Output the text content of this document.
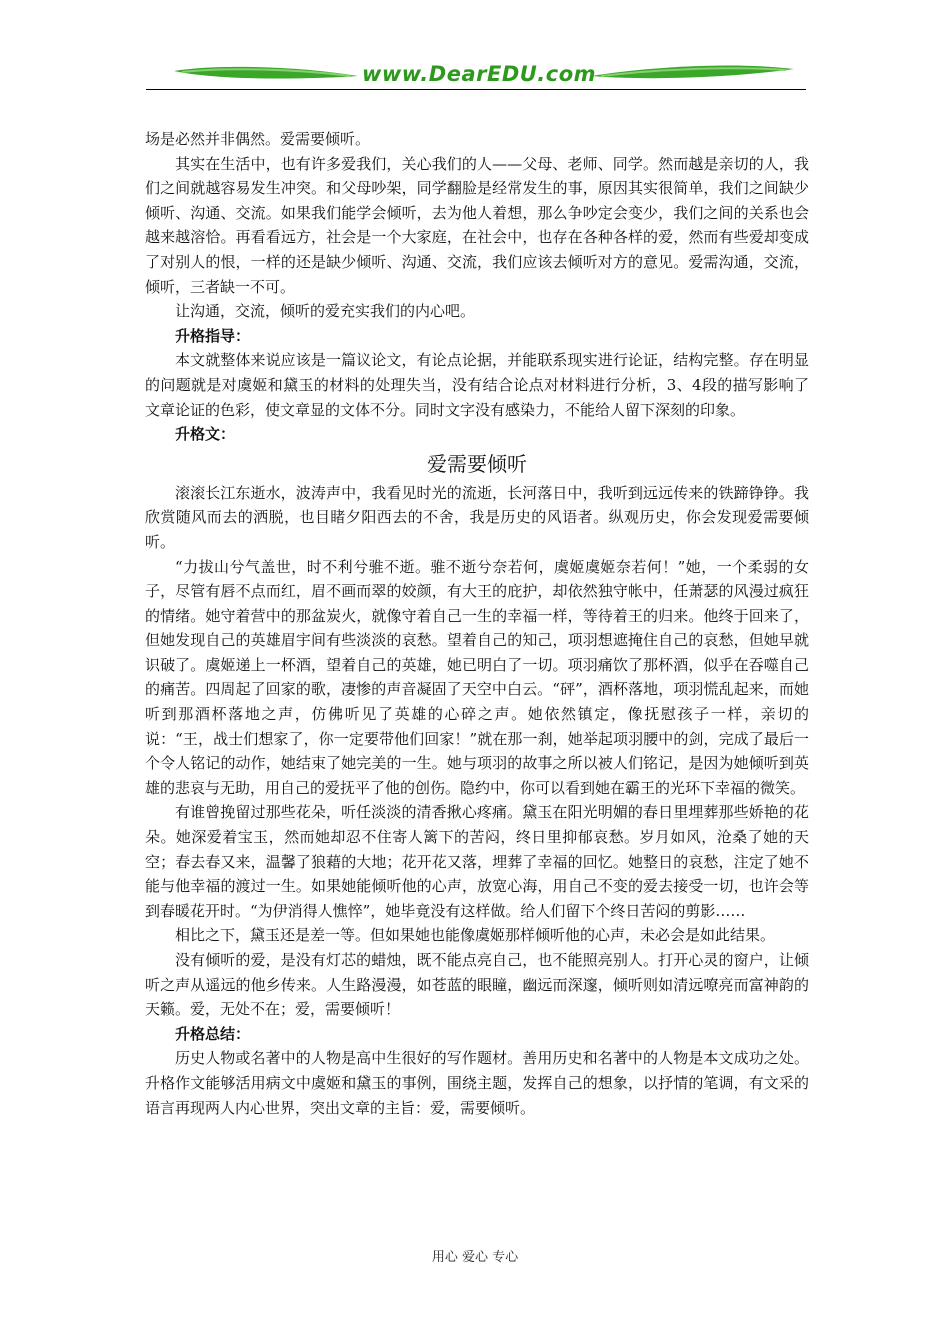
www.DearEDU.com

场是必然并非偶然。爱需要倾听。

其实在生活中，也有许多爱我们，关心我们的人——父母、老师、同学。然而越是亲切的人，我们之间就越容易发生冲突。和父母吵架，同学翻脸是经常发生的事，原因其实很简单，我们之间缺少倾听、沟通、交流。如果我们能学会倾听，去为他人着想，那么争吵定会变少，我们之间的关系也会越来越溶恰。再看看远方，社会是一个大家庭，在社会中，也存在各种各样的爱，然而有些爱却变成了对别人的恨，一样的还是缺少倾听、沟通、交流，我们应该去倾听对方的意见。爱需沟通，交流，倾听，三者缺一不可。

让沟通，交流，倾听的爱充实我们的内心吧。

升格指导：

本文就整体来说应该是一篇议论文，有论点论据，并能联系现实进行论证，结构完整。存在明显的问题就是对虞姬和黛玉的材料的处理失当，没有结合论点对材料进行分析，3、4段的描写影响了文章论证的色彩，使文章显的文体不分。同时文字没有感染力，不能给人留下深刻的印象。

升格文：

爱需要倾听

滚滚长江东逝水，波涛声中，我看见时光的流逝，长河落日中，我听到远远传来的铁蹄铮铮。我欣赏随风而去的洒脱，也目睹夕阳西去的不舍，我是历史的风语者。纵观历史，你会发现爱需要倾听。

“力拔山兮气盖世，时不利兮骓不逝。骓不逝兮奈若何，虞姬虞姬奈若何！”她，一个柔弱的女子，尽管有唇不点而红，眉不画而翠的姣颜，有大王的庇护，却依然独守帐中，任萧瑟的风漫过疯狂的情绪。她守着营中的那盆炭火，就像守着自己一生的幸福一样，等待着王的归来。他终于回来了，但她发现自己的英雄眉宇间有些淡淡的哀愁。望着自己的知己，项羽想遮掩住自己的哀愁，但她早就识破了。虞姬递上一杯酒，望着自己的英雄，她已明白了一切。项羽痛饮了那杯酒，似乎在吞噬自己的痛苦。四周起了回家的歌，凄惨的声音凝固了天空中白云。“砰”，酒杯落地，项羽慌乱起来，而她听到那酒杯落地之声，仿佛听见了英雄的心碎之声。她依然镇定，像抚慰孩子一样，亲切的说：“王，战士们想家了，你一定要带他们回家！”就在那一刹，她举起项羽腰中的剑，完成了最后一个令人铭记的动作，她结束了她完美的一生。她与项羽的故事之所以被人们铭记，是因为她倾听到英雄的悲哀与无助，用自己的爱抚平了他的创伤。隐约中，你可以看到她在霸王的光环下幸福的微笑。

有谁曾挽留过那些花朵，听任淡淡的清香揪心疼痛。黛玉在阳光明媚的春日里埋葬那些娇艳的花朵。她深爱着宝玉，然而她却忍不住寄人篱下的苦闷，终日里抑郁哀愁。岁月如风，沧桑了她的天空；春去春又来，温馨了狼藉的大地；花开花又落，埋葬了幸福的回忆。她整日的哀愁，注定了她不能与他幸福的渡过一生。如果她能倾听他的心声，放宽心海，用自己不变的爱去接受一切，也许会等到春暖花开时。“为伊消得人憔悴”，她毕竟没有这样做。给人们留下个终日苦闷的剪影……

相比之下，黛玉还是差一等。但如果她也能像虞姬那样倾听他的心声，未必会是如此结果。

没有倾听的爱，是没有灯芯的蜡烛，既不能点亮自己，也不能照亮别人。打开心灵的窗户，让倾听之声从遥远的他乡传来。人生路漫漫，如苍蓝的眼瞳，幽远而深邃，倾听则如清远嘹亮而富神韵的天籁。爱，无处不在；爱，需要倾听！

升格总结：

历史人物或名著中的人物是高中生很好的写作题材。善用历史和名著中的人物是本文成功之处。升格作文能够活用病文中虞姬和黛玉的事例，围绕主题，发挥自己的想象，以抒情的笔调，有文采的语言再现两人内心世界，突出文章的主旨：爱，需要倾听。

用心 爱心 专心
